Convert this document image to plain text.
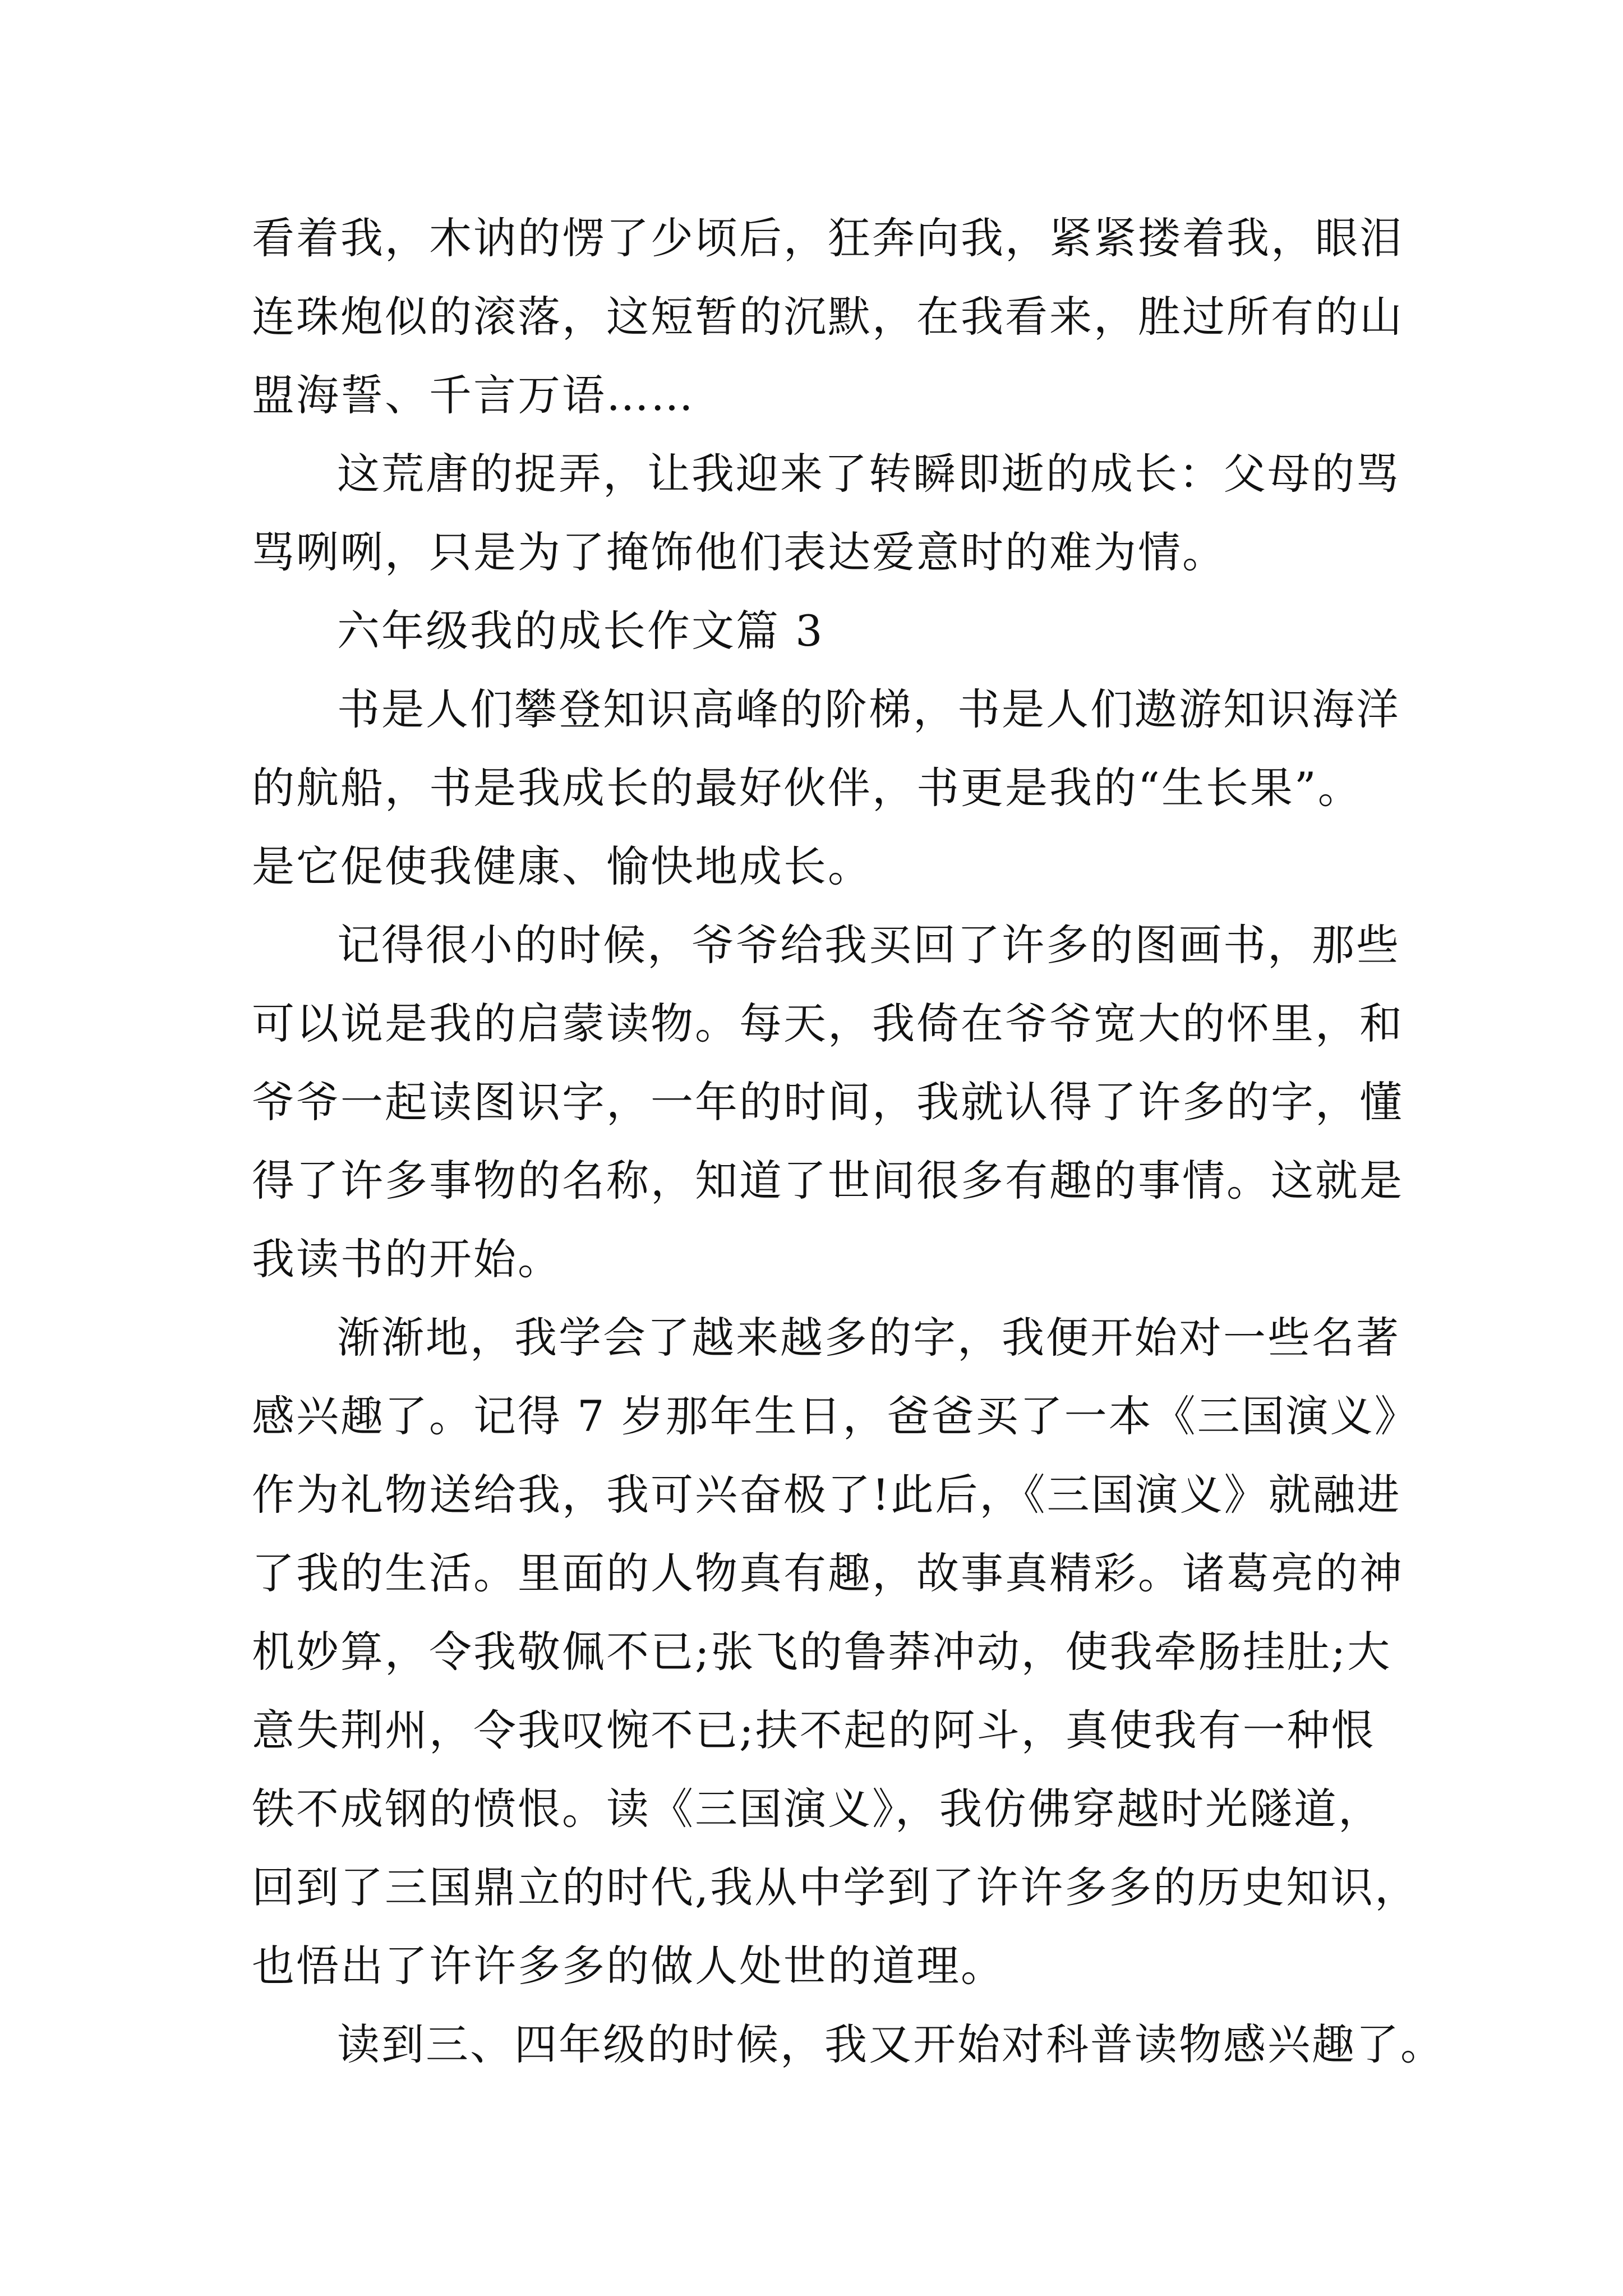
看着我，木讷的愣了少顷后，狂奔向我，紧紧搂着我，眼泪
连珠炮似的滚落，这短暂的沉默，在我看来，胜过所有的山
盟海誓、千言万语……
这荒唐的捉弄，让我迎来了转瞬即逝的成长：父母的骂
骂咧咧，只是为了掩饰他们表达爱意时的难为情。
六年级我的成长作文篇 3
书是人们攀登知识高峰的阶梯，书是人们遨游知识海洋
的航船，书是我成长的最好伙伴，书更是我的“生长果”。
是它促使我健康、愉快地成长。
记得很小的时候，爷爷给我买回了许多的图画书，那些
可以说是我的启蒙读物。每天，我倚在爷爷宽大的怀里，和
爷爷一起读图识字，一年的时间，我就认得了许多的字，懂
得了许多事物的名称，知道了世间很多有趣的事情。这就是
我读书的开始。
渐渐地，我学会了越来越多的字，我便开始对一些名著
感兴趣了。记得 7 岁那年生日，爸爸买了一本《三国演义》
作为礼物送给我，我可兴奋极了!此后，《三国演义》就融进
了我的生活。里面的人物真有趣，故事真精彩。诸葛亮的神
机妙算，令我敬佩不已;张飞的鲁莽冲动，使我牵肠挂肚;大
意失荆州，令我叹惋不已;扶不起的阿斗，真使我有一种恨
铁不成钢的愤恨。读《三国演义》，我仿佛穿越时光隧道，
回到了三国鼎立的时代,我从中学到了许许多多的历史知识，
也悟出了许许多多的做人处世的道理。
读到三、四年级的时候，我又开始对科普读物感兴趣了。
